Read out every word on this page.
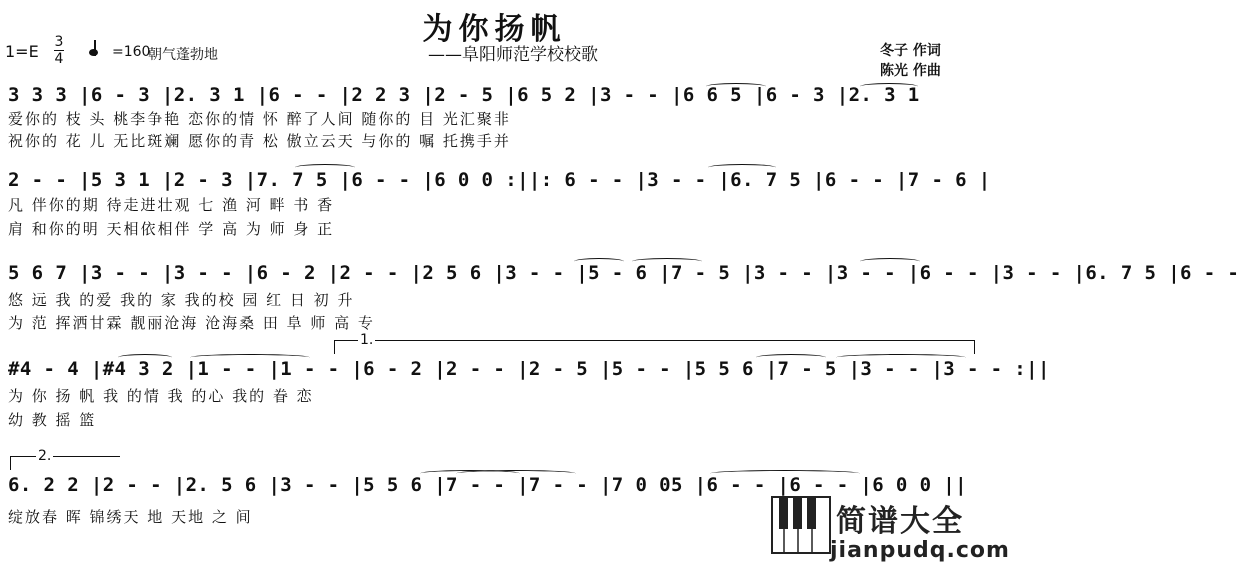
为你扬帆
——阜阳师范学校校歌
1=E 3
4	=160
朝气蓬勃地	冬子 作词
陈光 作曲
3 3 3 |6 - 3 |2. 3 1 |6 - - |2 2 3 |2 - 5 |6 5 2 |3 - - |6 6 5 |6 - 3 |2. 3 1
爱你的 枝 头 桃李争艳 恋你的情 怀 醉了人间 随你的 目 光汇聚非
祝你的 花 儿 无比斑斓 愿你的青 松 傲立云天 与你的 嘱 托携手并
2 - - |5 3 1 |2 - 3 |7. 7 5 |6 - - |6 0 0 :||: 6 - - |3 - - |6. 7 5 |6 - - |7 - 6 |
凡 伴你的期 待走进壮观 七 渔 河 畔 书 香
肩 和你的明 天相依相伴 学 高 为 师 身 正
5 6 7 |3 - - |3 - - |6 - 2 |2 - - |2 5 6 |3 - - |5 - 6 |7 - 5 |3 - - |3 - - |6 - - |3 - - |6. 7 5 |6 - -
悠 远 我 的爱 我的 家 我的校 园 红 日 初 升
为 范 挥洒甘霖 靓丽沧海 沧海桑 田 阜 师 高 专
1.
#4 - 4 |#4 3 2 |1 - - |1 - - |6 - 2 |2 - - |2 - 5 |5 - - |5 5 6 |7 - 5 |3 - - |3 - - :||
为 你 扬 帆 我 的情 我 的心 我的 眷 恋
幼 教 摇 篮
2.
6. 2 2 |2 - - |2. 5 6 |3 - - |5 5 6 |7 - - |7 - - |7 0 05 |6 - - |6 - - |6 0 0 ||
绽放春 晖 锦绣天 地 天地 之 间	简谱大全
jianpudq.com
